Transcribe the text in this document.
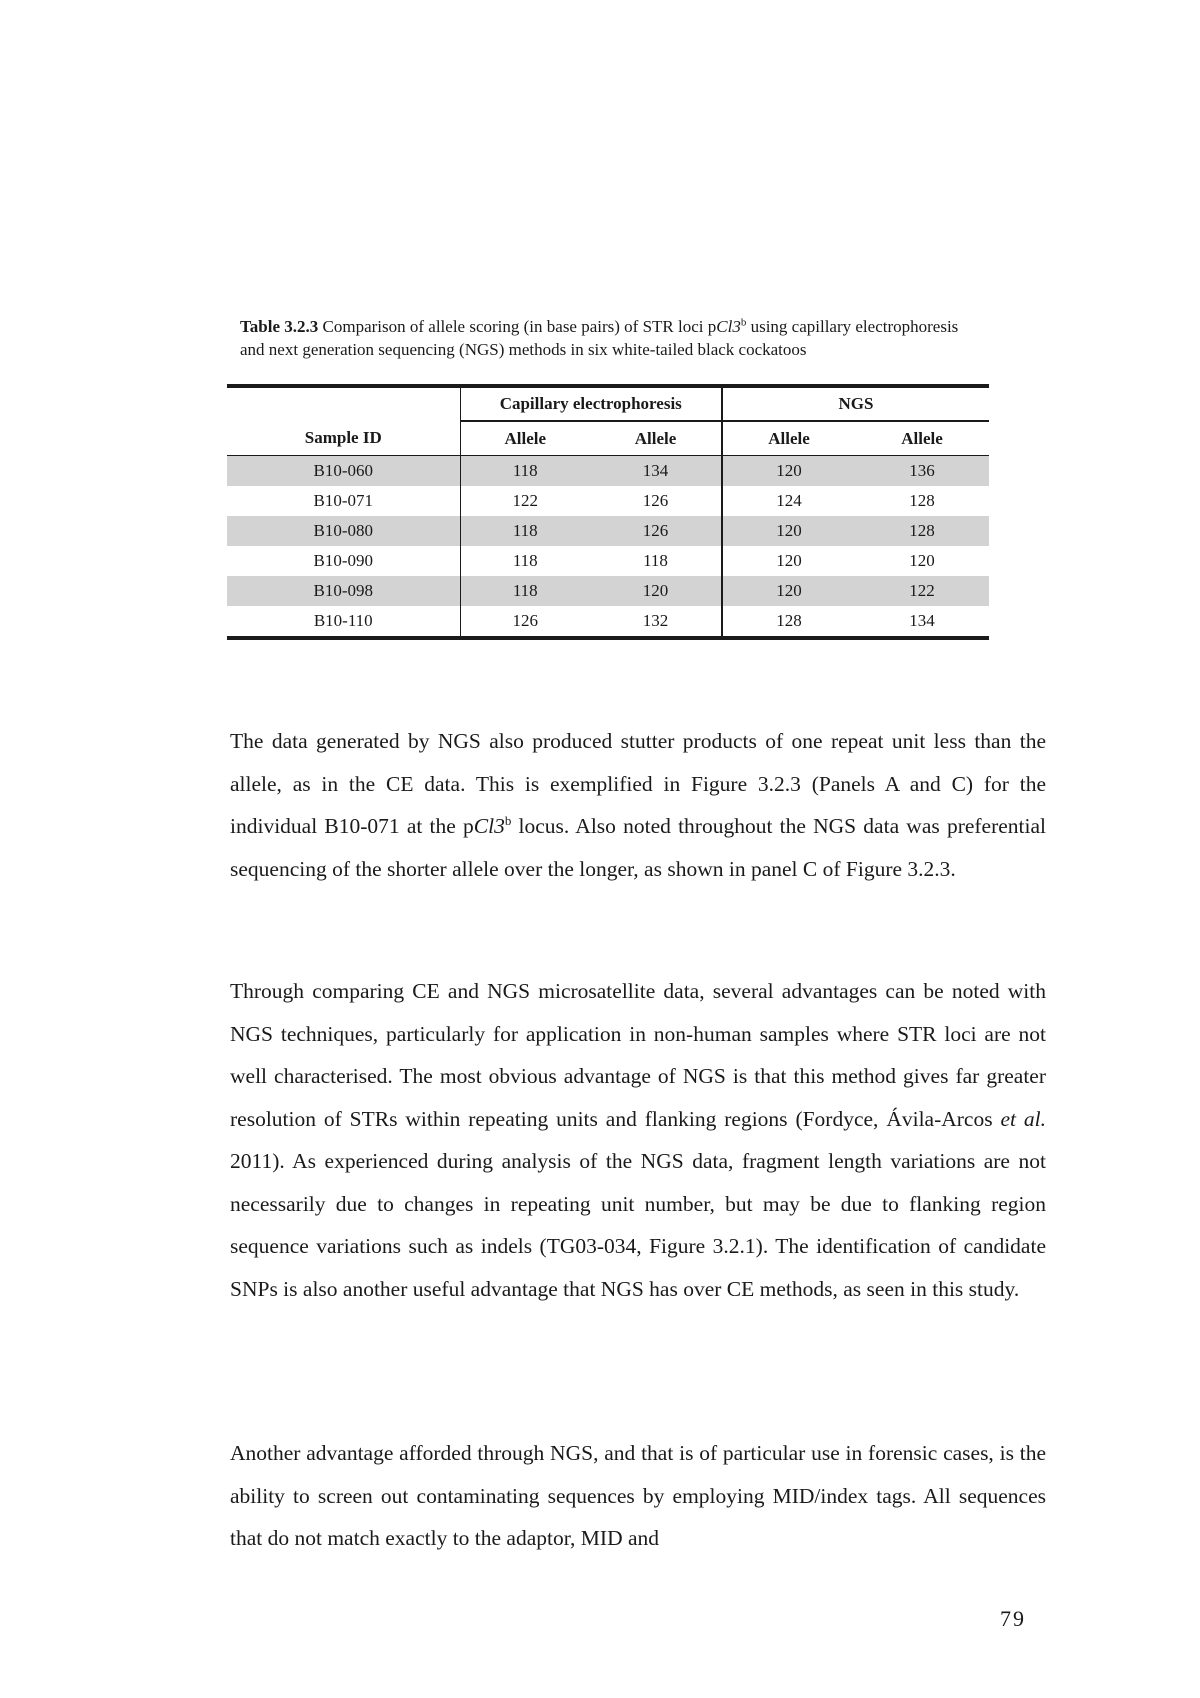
Table 3.2.3 Comparison of allele scoring (in base pairs) of STR loci pCl3$^b$ using capillary electrophoresis and next generation sequencing (NGS) methods in six white-tailed black cockatoos
	Capillary electrophoresis		NGS	
Sample ID	Allele	Allele	Allele	Allele
B10-060	118	134	120	136
B10-071	122	126	124	128
B10-080	118	126	120	128
B10-090	118	118	120	120
B10-098	118	120	120	122
B10-110	126	132	128	134

The data generated by NGS also produced stutter products of one repeat unit less than the allele, as in the CE data. This is exemplified in Figure 3.2.3 (Panels A and C) for the individual B10-071 at the pCl3$^b$ locus. Also noted throughout the NGS data was preferential sequencing of the shorter allele over the longer, as shown in panel C of Figure 3.2.3.

Through comparing CE and NGS microsatellite data, several advantages can be noted with NGS techniques, particularly for application in non-human samples where STR loci are not well characterised. The most obvious advantage of NGS is that this method gives far greater resolution of STRs within repeating units and flanking regions (Fordyce, Ávila-Arcos et al. 2011). As experienced during analysis of the NGS data, fragment length variations are not necessarily due to changes in repeating unit number, but may be due to flanking region sequence variations such as indels (TG03-034, Figure 3.2.1). The identification of candidate SNPs is also another useful advantage that NGS has over CE methods, as seen in this study.

Another advantage afforded through NGS, and that is of particular use in forensic cases, is the ability to screen out contaminating sequences by employing MID/index tags. All sequences that do not match exactly to the adaptor, MID and

79
